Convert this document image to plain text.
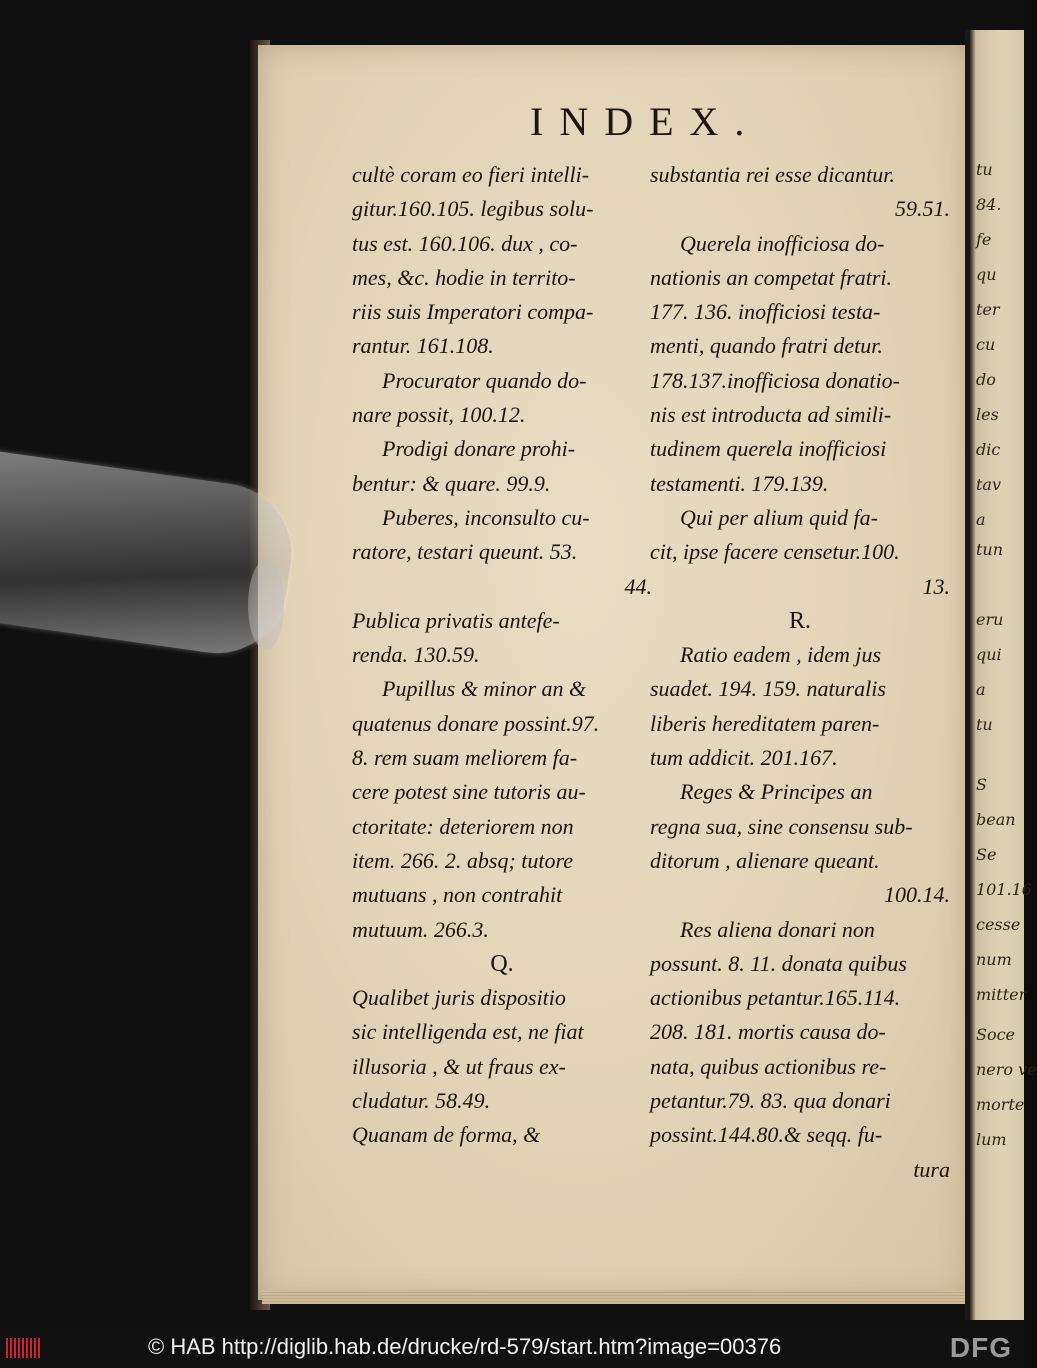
tu
84.
fe
qu
ter
cu
do
les
dic
tav
a
tun
eru
qui
a
tu
S
bean
Se
101.16
cesse
num
mitter
Soce
nero ve
morte
lum
INDEX.
cultè coram eo fieri intelli-
gitur.160.105. legibus solu-
tus est. 160.106. dux , co-
mes, &c. hodie in territo-
riis suis Imperatori compa-
rantur. 161.108.
Procurator quando do-
nare possit, 100.12.
Prodigi donare prohi-
bentur: & quare. 99.9.
Puberes, inconsulto cu-
ratore, testari queunt. 53.
44.
Publica privatis antefe-
renda. 130.59.
Pupillus & minor an &
quatenus donare possint.97.
8. rem suam meliorem fa-
cere potest sine tutoris au-
ctoritate: deteriorem non
item. 266. 2. absq; tutore
mutuans , non contrahit
mutuum. 266.3.
Q.
Qualibet juris dispositio
sic intelligenda est, ne fiat
illusoria , & ut fraus ex-
cludatur. 58.49.
Quanam de forma, &
substantia rei esse dicantur.
59.51.
Querela inofficiosa do-
nationis an competat fratri.
177. 136. inofficiosi testa-
menti, quando fratri detur.
178.137.inofficiosa donatio-
nis est introducta ad simili-
tudinem querela inofficiosi
testamenti. 179.139.
Qui per alium quid fa-
cit, ipse facere censetur.100.
13.
R.
Ratio eadem , idem jus
suadet. 194. 159. naturalis
liberis hereditatem paren-
tum addicit. 201.167.
Reges & Principes an
regna sua, sine consensu sub-
ditorum , alienare queant.
100.14.
Res aliena donari non
possunt. 8. 11. donata quibus
actionibus petantur.165.114.
208. 181. mortis causa do-
nata, quibus actionibus re-
petantur.79. 83. qua donari
possint.144.80.& seqq. fu-
tura
© HAB http://diglib.hab.de/drucke/rd-579/start.htm?image=00376	DFG
